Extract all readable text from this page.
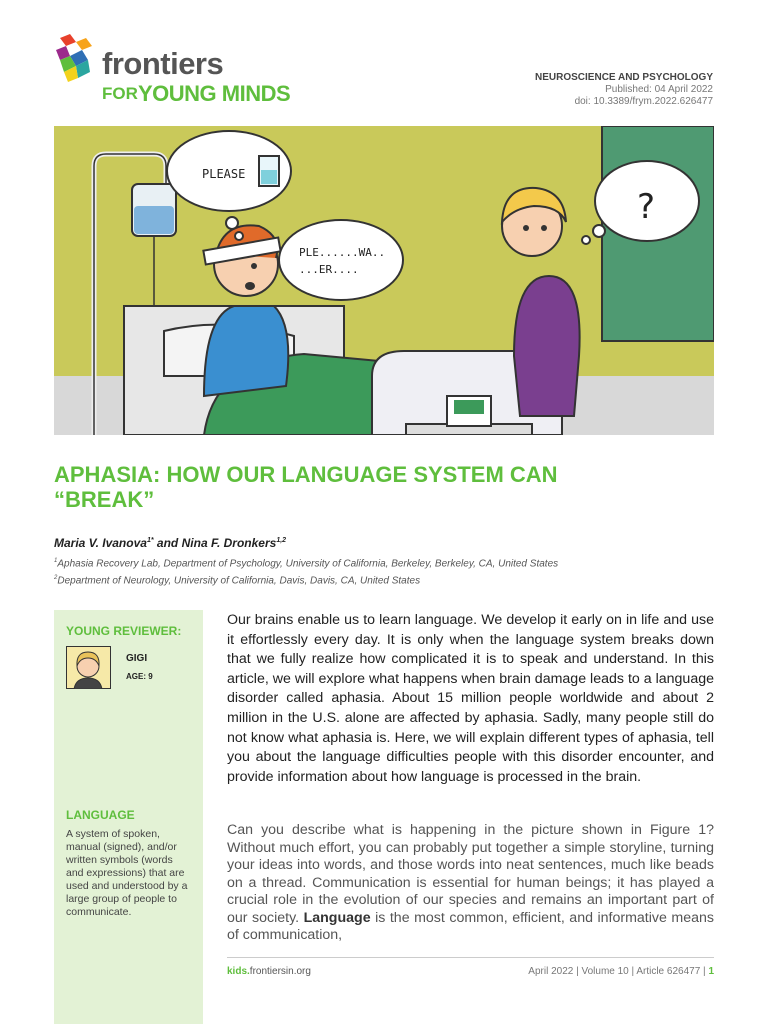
frontiers
FOR YOUNG MINDS
NEUROSCIENCE AND PSYCHOLOGY
Published: 04 April 2022
doi: 10.3389/frym.2022.626477
PLEASE
PLE......WA..
...ER....
?
APHASIA: HOW OUR LANGUAGE SYSTEM CAN
“BREAK”
Maria V. Ivanova$^{1*}$ and Nina F. Dronkers$^{1,2}$
$^1$Aphasia Recovery Lab, Department of Psychology, University of California, Berkeley, Berkeley, CA, United States
$^2$Department of Neurology, University of California, Davis, Davis, CA, United States
YOUNG REVIEWER:
GIGI
AGE: 9
LANGUAGE
A system of spoken, manual (signed), and/or written symbols (words and expressions) that are used and understood by a large group of people to communicate.

Our brains enable us to learn language. We develop it early on in life and use it effortlessly every day. It is only when the language system breaks down that we fully realize how complicated it is to speak and understand. In this article, we will explore what happens when brain damage leads to a language disorder called aphasia. About 15 million people worldwide and about 2 million in the U.S. alone are affected by aphasia. Sadly, many people still do not know what aphasia is. Here, we will explain different types of aphasia, tell you about the language difficulties people with this disorder encounter, and provide information about how language is processed in the brain.

Can you describe what is happening in the picture shown in Figure 1? Without much effort, you can probably put together a simple storyline, turning your ideas into words, and those words into neat sentences, much like beads on a thread. Communication is essential for human beings; it has played a crucial role in the evolution of our species and remains an important part of our society. Language is the most common, efficient, and informative means of communication,

kids.frontiersin.org	April 2022 | Volume 10 | Article 626477 | 1
